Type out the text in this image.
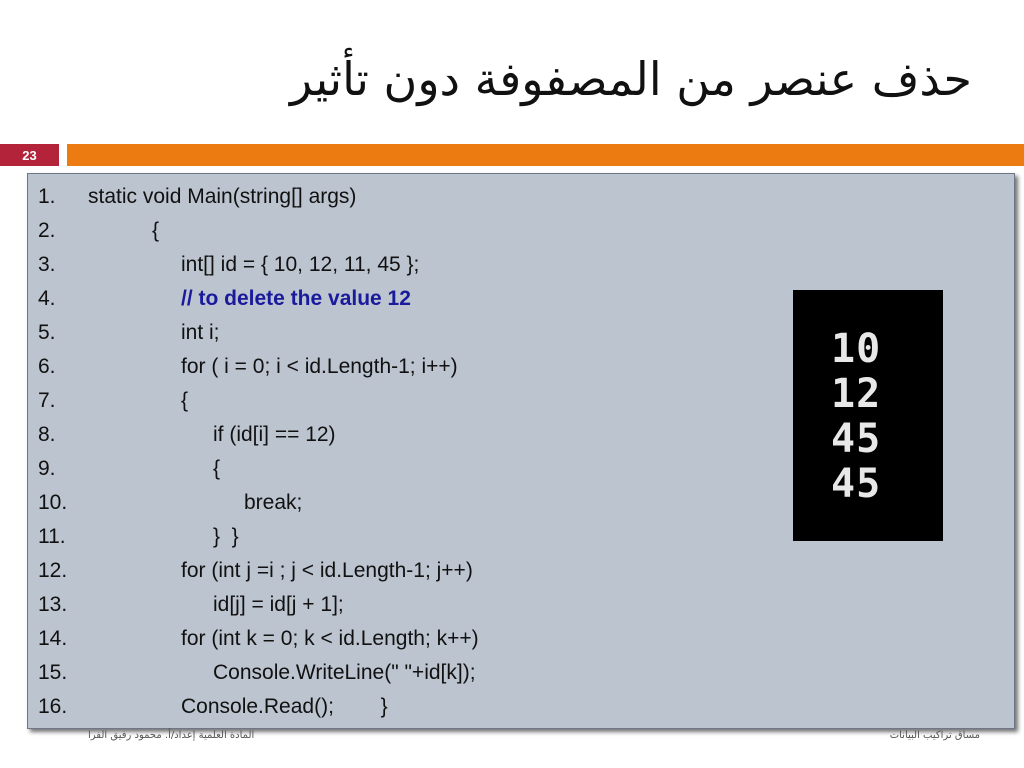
حذف عنصر من المصفوفة دون تأثير
23
1.	static void Main(string[] args)
2.	{
3.	int[] id = { 10, 12, 11, 45 };
4.	// to delete the value 12
5.	int i;
6.	for ( i = 0; i < id.Length-1; i++)
7.	{
8.	if (id[i] == 12)
9.	{
10.	break;
11.	}  }
12.	for (int j =i ; j < id.Length-1; j++)
13.	id[j] = id[j + 1];
14.	for (int k = 0; k < id.Length; k++)
15.	Console.WriteLine(" "+id[k]);
16.	Console.Read();        }
10
12
45
45
المادة العلمية إعداد/أ. محمود رفيق الفرا	مساق تراكيب البيانات
